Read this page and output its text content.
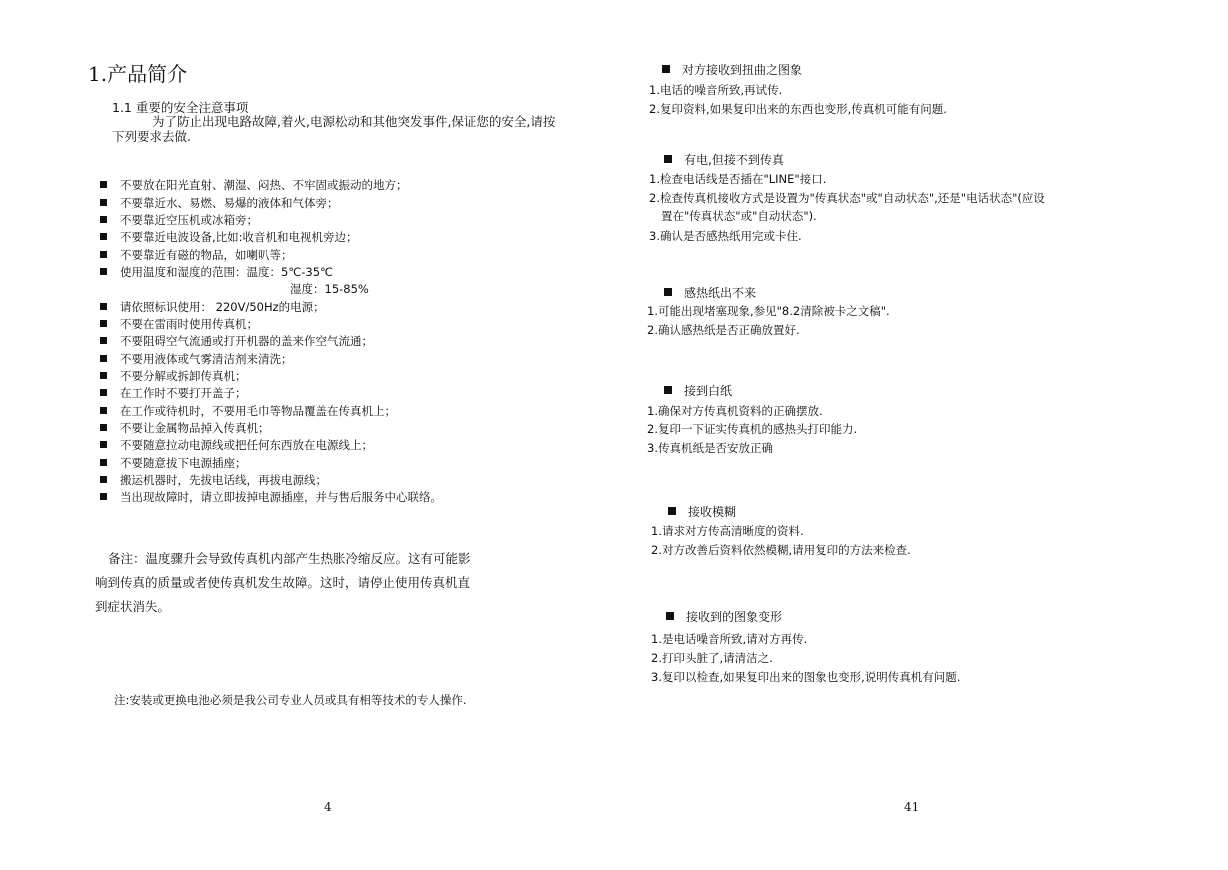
1.产品简介
1.1 重要的安全注意事项
为了防止出现电路故障,着火,电源松动和其他突发事件,保证您的安全,请按
下列要求去做.
不要放在阳光直射、潮湿、闷热、不牢固或振动的地方；
不要靠近水、易燃、易爆的液体和气体旁；
不要靠近空压机或冰箱旁；
不要靠近电波设备,比如:收音机和电视机旁边；
不要靠近有磁的物品，如喇叭等；
使用温度和湿度的范围：温度：5℃-35℃
湿度：15-85%
请依照标识使用： 220V/50Hz的电源；
不要在雷雨时使用传真机；
不要阻碍空气流通或打开机器的盖来作空气流通；
不要用液体或气雾清洁剂来清洗；
不要分解或拆卸传真机；
在工作时不要打开盖子；
在工作或待机时，不要用毛巾等物品覆盖在传真机上；
不要让金属物品掉入传真机；
不要随意拉动电源线或把任何东西放在电源线上；
不要随意拔下电源插座；
搬运机器时，先拔电话线，再拔电源线；
当出现故障时，请立即拔掉电源插座，并与售后服务中心联络。
备注：温度骤升会导致传真机内部产生热胀冷缩反应。这有可能影
响到传真的质量或者使传真机发生故障。这时，请停止使用传真机直
到症状消失。
注:安装或更换电池必须是我公司专业人员或具有相等技术的专人操作.
4
对方接收到扭曲之图象
1.电话的噪音所致,再试传.
2.复印资料,如果复印出来的东西也变形,传真机可能有问题.
有电,但接不到传真
1.检查电话线是否插在"LINE"接口.
2.检查传真机接收方式是设置为"传真状态"或"自动状态",还是"电话状态"(应设
置在"传真状态"或"自动状态").
3.确认是否感热纸用完或卡住.
感热纸出不来
1.可能出现堵塞现象,参见"8.2清除被卡之文稿".
2.确认感热纸是否正确放置好.
接到白纸
1.确保对方传真机资料的正确摆放.
2.复印一下证实传真机的感热头打印能力.
3.传真机纸是否安放正确
接收模糊
1.请求对方传高清晰度的资料.
2.对方改善后资料依然模糊,请用复印的方法来检查.
接收到的图象变形
1.是电话噪音所致,请对方再传.
2.打印头脏了,请清洁之.
3.复印以检查,如果复印出来的图象也变形,说明传真机有问题.
41
